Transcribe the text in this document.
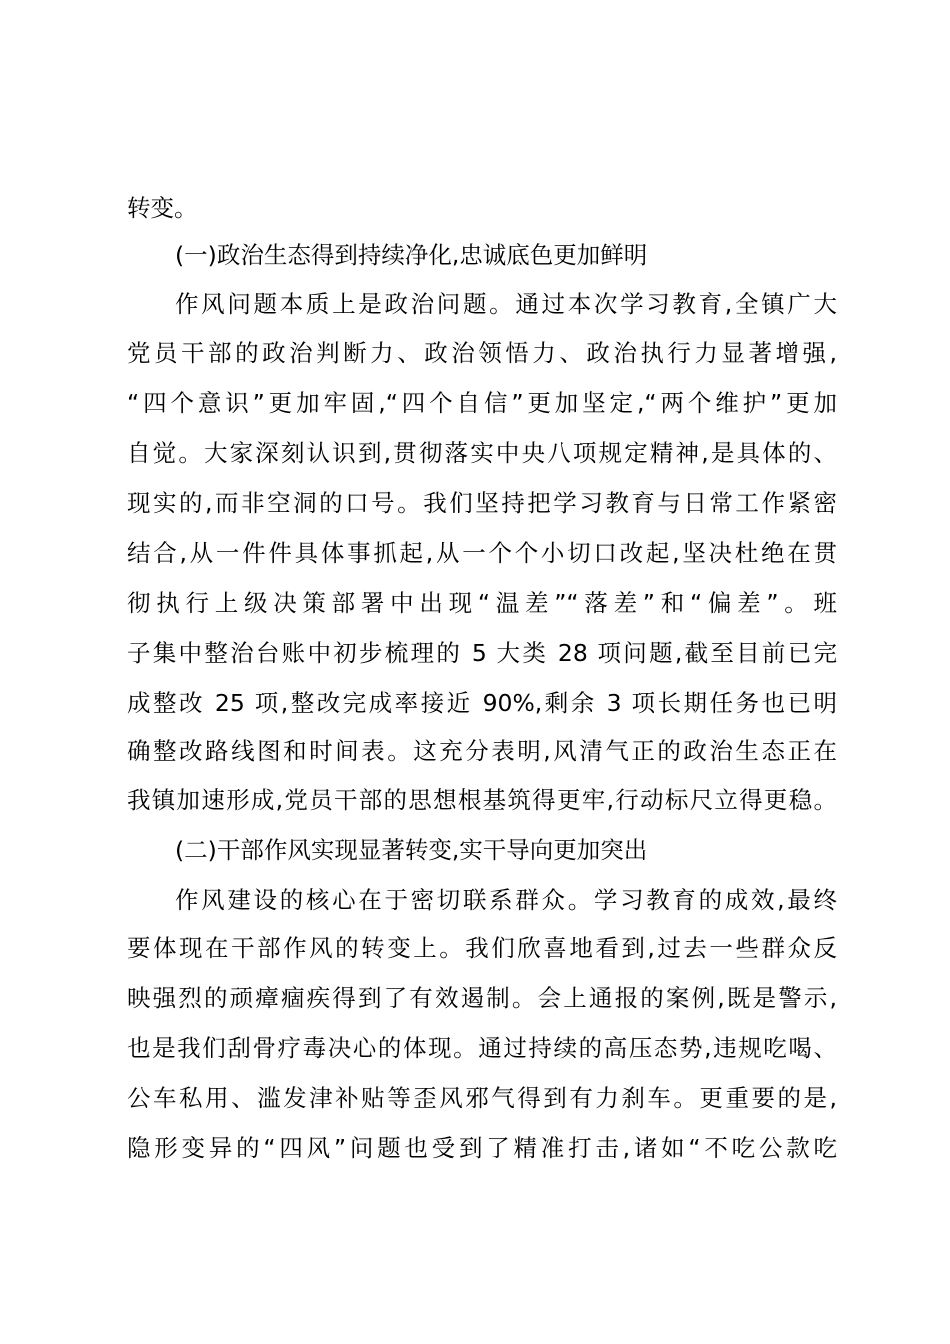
转变。
(一)政治生态得到持续净化,忠诚底色更加鲜明
作风问题本质上是政治问题。通过本次学习教育,全镇广大
党员干部的政治判断力、政治领悟力、政治执行力显著增强,
“四个意识”更加牢固,“四个自信”更加坚定,“两个维护”更加
自觉。大家深刻认识到,贯彻落实中央八项规定精神,是具体的、
现实的,而非空洞的口号。我们坚持把学习教育与日常工作紧密
结合,从一件件具体事抓起,从一个个小切口改起,坚决杜绝在贯
彻执行上级决策部署中出现“温差”“落差”和“偏差”。班
子集中整治台账中初步梳理的 5 大类 28 项问题,截至目前已完
成整改 25 项,整改完成率接近 90%,剩余 3 项长期任务也已明
确整改路线图和时间表。这充分表明,风清气正的政治生态正在
我镇加速形成,党员干部的思想根基筑得更牢,行动标尺立得更稳。
(二)干部作风实现显著转变,实干导向更加突出
作风建设的核心在于密切联系群众。学习教育的成效,最终
要体现在干部作风的转变上。我们欣喜地看到,过去一些群众反
映强烈的顽瘴痼疾得到了有效遏制。会上通报的案例,既是警示,
也是我们刮骨疗毒决心的体现。通过持续的高压态势,违规吃喝、
公车私用、滥发津补贴等歪风邪气得到有力刹车。更重要的是,
隐形变异的“四风”问题也受到了精准打击,诸如“不吃公款吃
